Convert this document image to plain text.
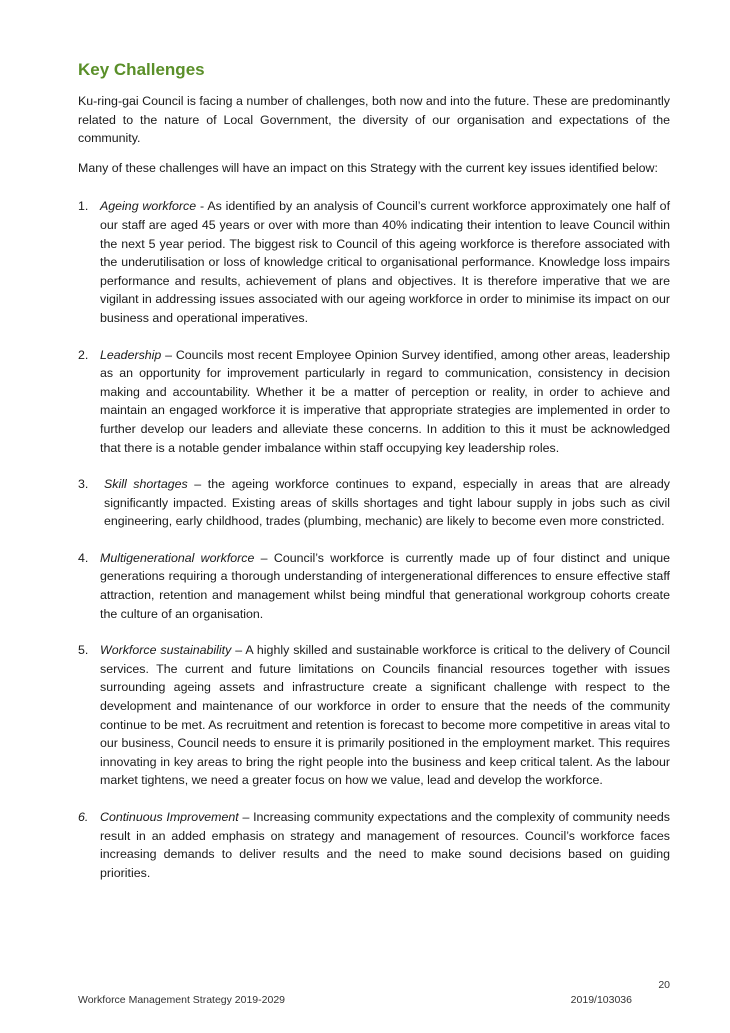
Key Challenges

Ku-ring-gai Council is facing a number of challenges, both now and into the future. These are predominantly related to the nature of Local Government, the diversity of our organisation and expectations of the community.

Many of these challenges will have an impact on this Strategy with the current key issues identified below:

1. Ageing workforce - As identified by an analysis of Council’s current workforce approximately one half of our staff are aged 45 years or over with more than 40% indicating their intention to leave Council within the next 5 year period. The biggest risk to Council of this ageing workforce is therefore associated with the underutilisation or loss of knowledge critical to organisational performance. Knowledge loss impairs performance and results, achievement of plans and objectives. It is therefore imperative that we are vigilant in addressing issues associated with our ageing workforce in order to minimise its impact on our business and operational imperatives.
2. Leadership – Councils most recent Employee Opinion Survey identified, among other areas, leadership as an opportunity for improvement particularly in regard to communication, consistency in decision making and accountability. Whether it be a matter of perception or reality, in order to achieve and maintain an engaged workforce it is imperative that appropriate strategies are implemented in order to further develop our leaders and alleviate these concerns. In addition to this it must be acknowledged that there is a notable gender imbalance within staff occupying key leadership roles.
3. Skill shortages – the ageing workforce continues to expand, especially in areas that are already significantly impacted. Existing areas of skills shortages and tight labour supply in jobs such as civil engineering, early childhood, trades (plumbing, mechanic) are likely to become even more constricted.
4. Multigenerational workforce – Council’s workforce is currently made up of four distinct and unique generations requiring a thorough understanding of intergenerational differences to ensure effective staff attraction, retention and management whilst being mindful that generational workgroup cohorts create the culture of an organisation.
5. Workforce sustainability – A highly skilled and sustainable workforce is critical to the delivery of Council services. The current and future limitations on Councils financial resources together with issues surrounding ageing assets and infrastructure create a significant challenge with respect to the development and maintenance of our workforce in order to ensure that the needs of the community continue to be met. As recruitment and retention is forecast to become more competitive in areas vital to our business, Council needs to ensure it is primarily positioned in the employment market. This requires innovating in key areas to bring the right people into the business and keep critical talent. As the labour market tightens, we need a greater focus on how we value, lead and develop the workforce.
6. Continuous Improvement – Increasing community expectations and the complexity of community needs result in an added emphasis on strategy and management of resources. Council’s workforce faces increasing demands to deliver results and the need to make sound decisions based on guiding priorities.
20
Workforce Management Strategy 2019-2029	2019/103036
